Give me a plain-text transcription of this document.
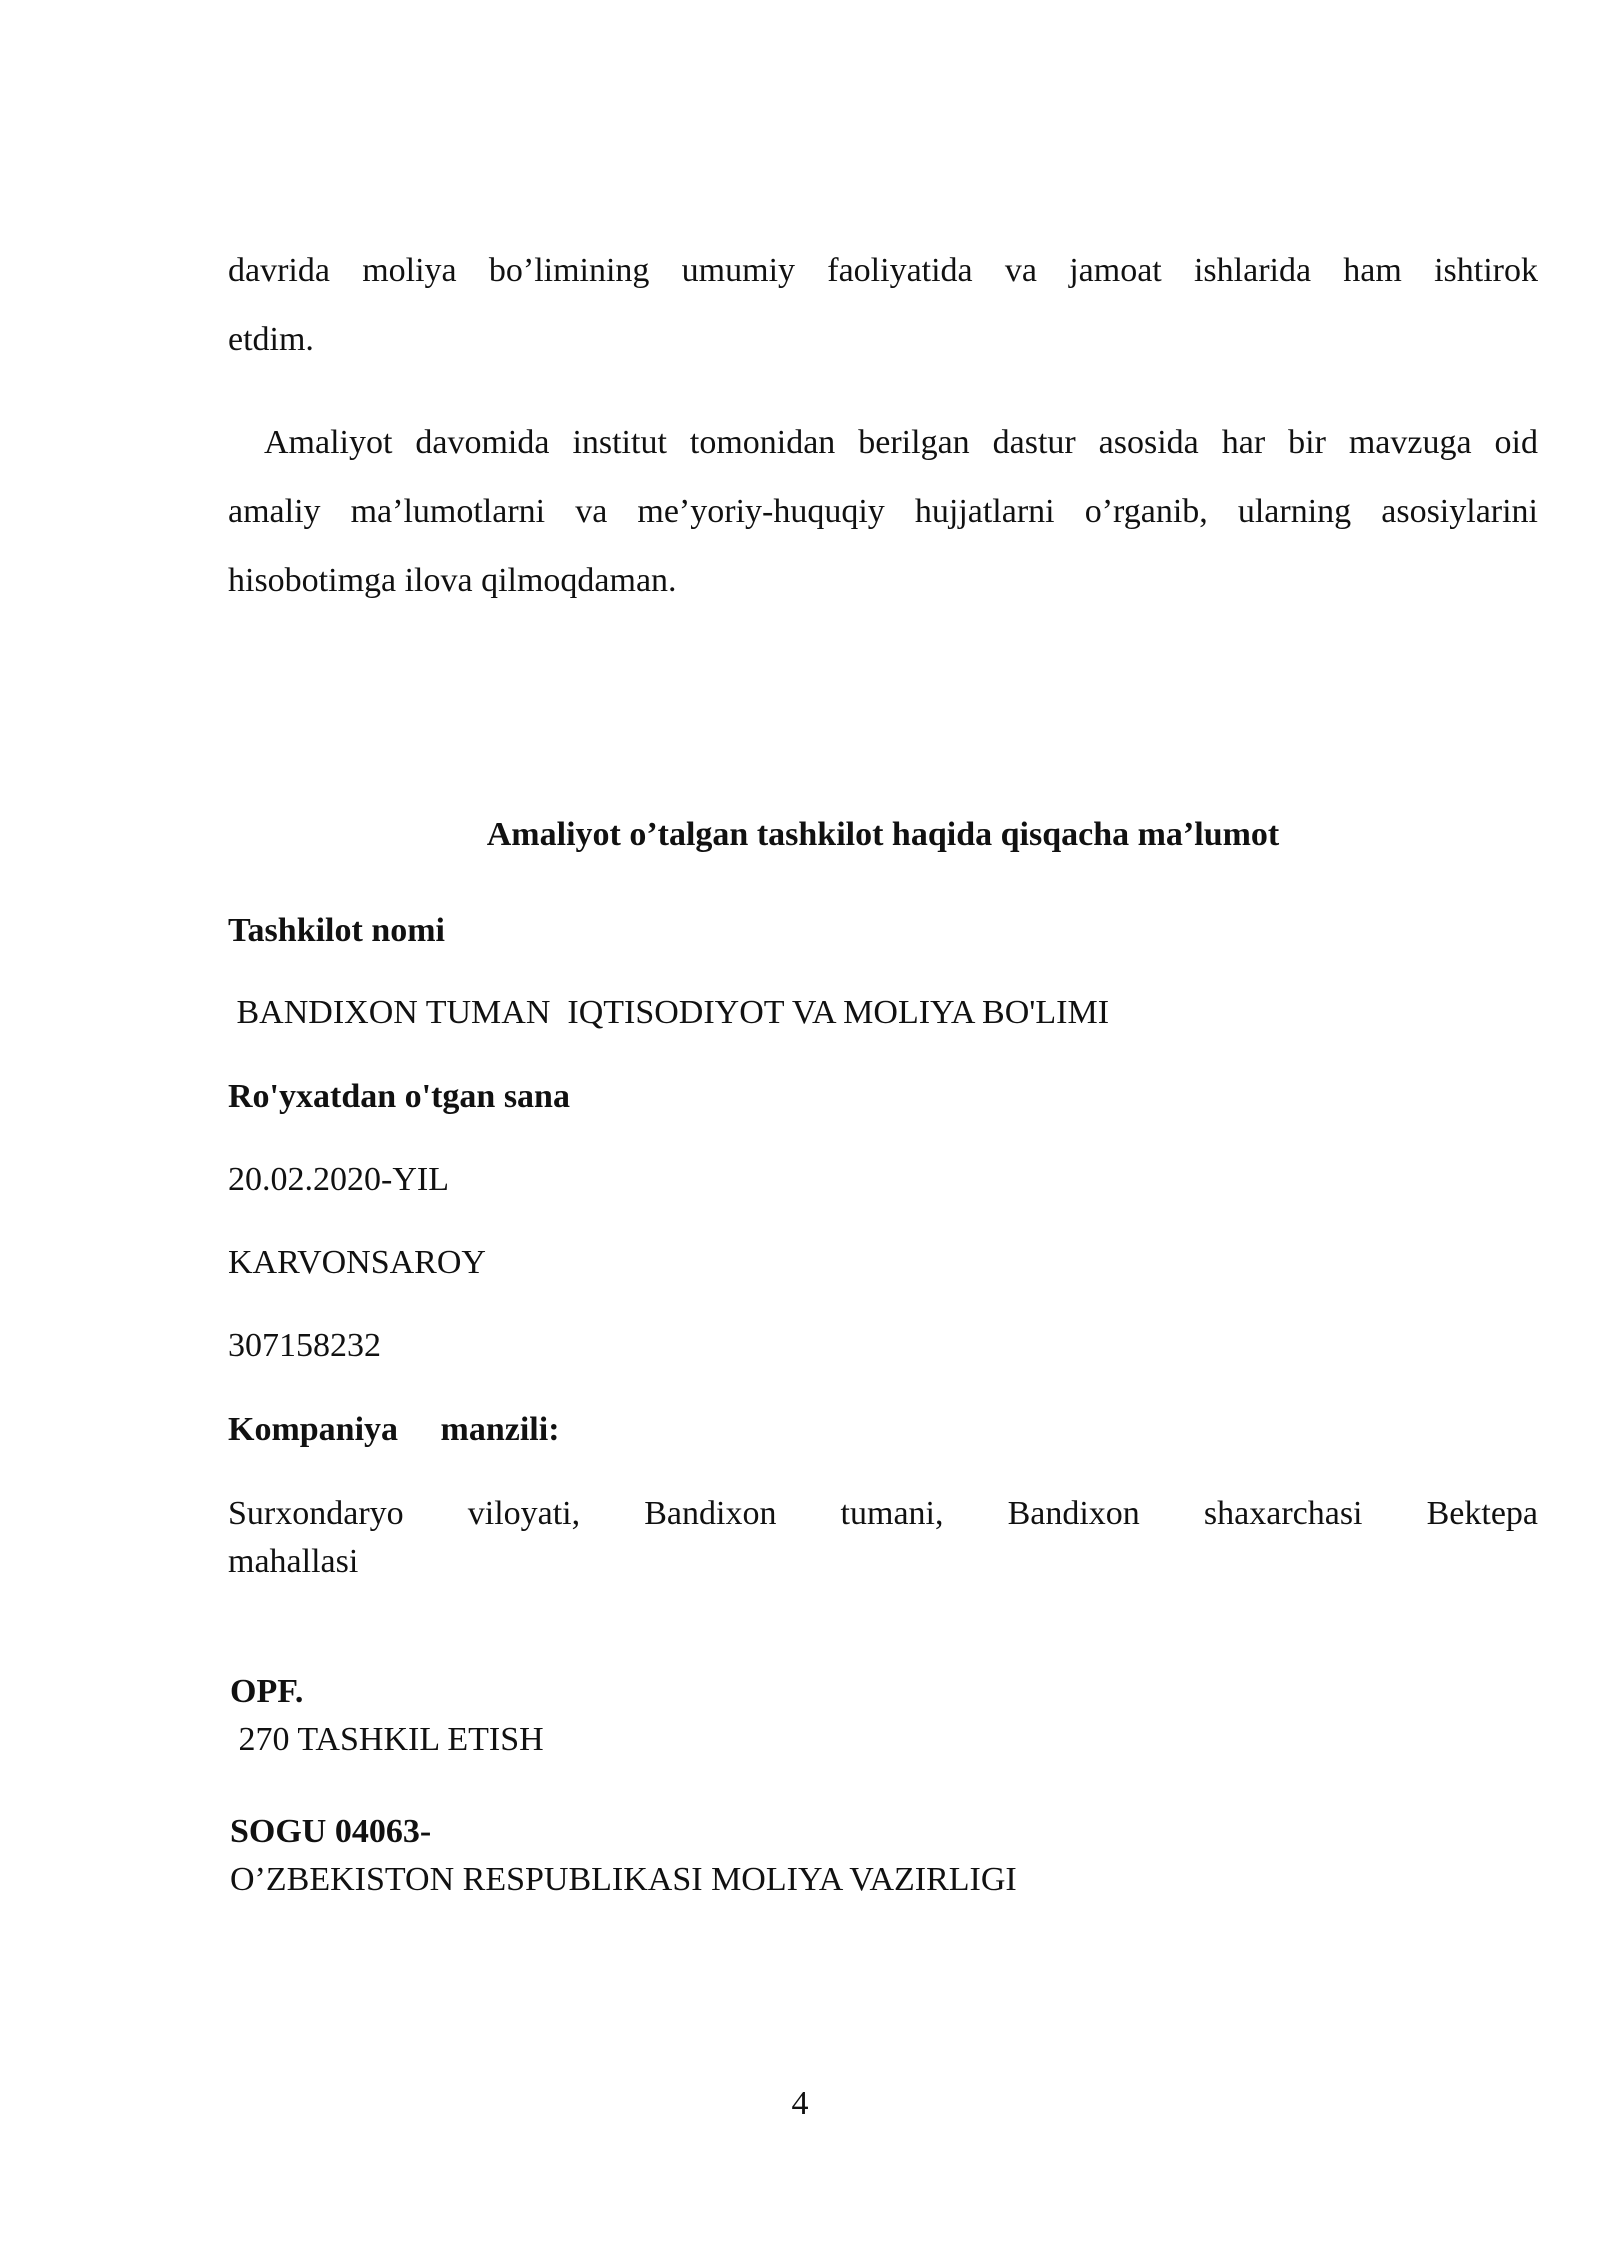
davrida moliya bo’limining umumiy faoliyatida va jamoat ishlarida ham ishtirok
etdim.
Amaliyot davomida institut tomonidan berilgan dastur asosida har bir mavzuga oid
amaliy ma’lumotlarni va me’yoriy-huquqiy hujjatlarni o’rganib, ularning asosiylarini
hisobotimga ilova qilmoqdaman.

Amaliyot o’talgan tashkilot haqida qisqacha ma’lumot

Tashkilot nomi

BANDIXON TUMAN  IQTISODIYOT VA MOLIYA BO'LIMI

Ro'yxatdan o'tgan sana

20.02.2020-YIL

KARVONSAROY

307158232

Kompaniya     manzili:

Surxondaryo viloyati, Bandixon tumani, Bandixon shaxarchasi Bektepa
mahallasi

OPF.

270 TASHKIL ETISH

SOGU 04063-

O’ZBEKISTON RESPUBLIKASI MOLIYA VAZIRLIGI

4
